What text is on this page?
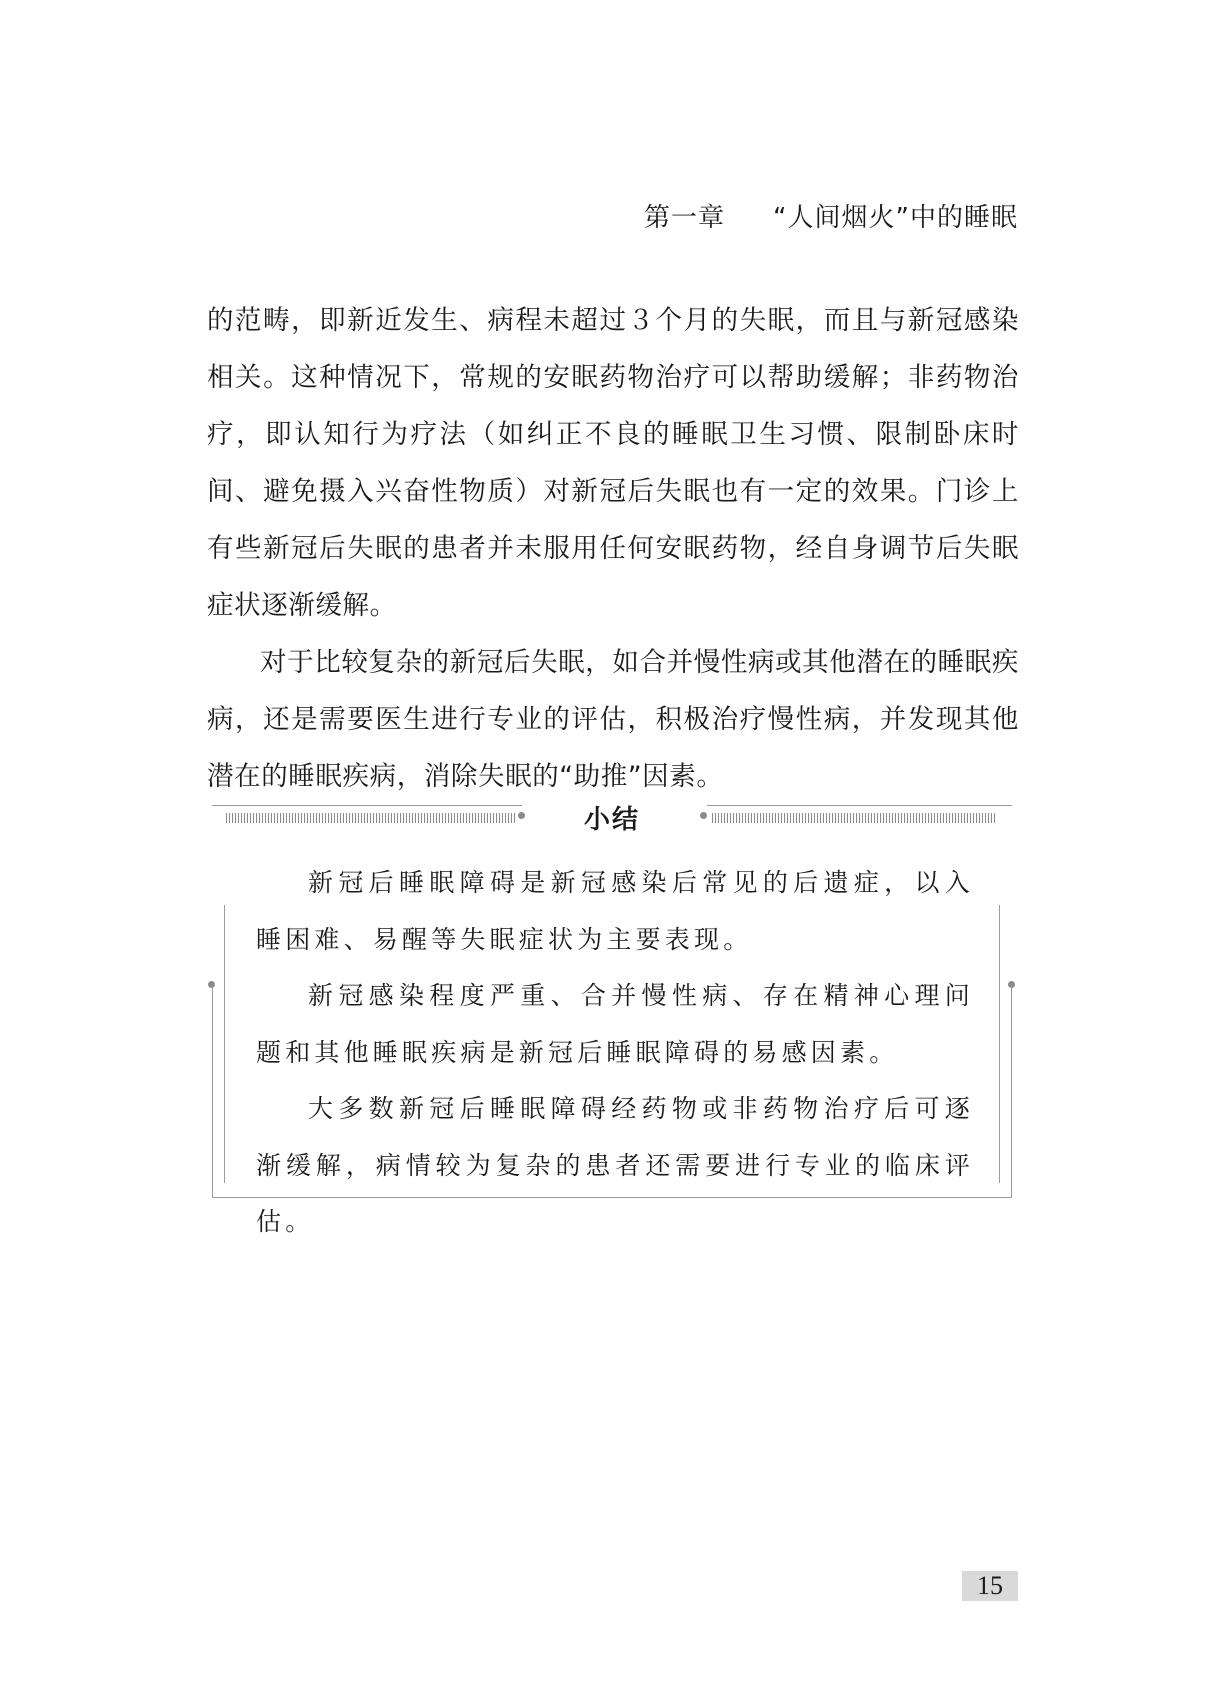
第一章 “人间烟火”中的睡眠

的范畴，即新近发生、病程未超过３个月的失眠，而且与新冠感染相关。这种情况下，常规的安眠药物治疗可以帮助缓解；非药物治疗，即认知行为疗法（如纠正不良的睡眠卫生习惯、限制卧床时间、避免摄入兴奋性物质）对新冠后失眠也有一定的效果。门诊上有些新冠后失眠的患者并未服用任何安眠药物，经自身调节后失眠症状逐渐缓解。

对于比较复杂的新冠后失眠，如合并慢性病或其他潜在的睡眠疾病，还是需要医生进行专业的评估，积极治疗慢性病，并发现其他潜在的睡眠疾病，消除失眠的“助推”因素。

小结

新冠后睡眠障碍是新冠感染后常见的后遗症，以入睡困难、易醒等失眠症状为主要表现。

新冠感染程度严重、合并慢性病、存在精神心理问题和其他睡眠疾病是新冠后睡眠障碍的易感因素。

大多数新冠后睡眠障碍经药物或非药物治疗后可逐渐缓解，病情较为复杂的患者还需要进行专业的临床评估。

15
